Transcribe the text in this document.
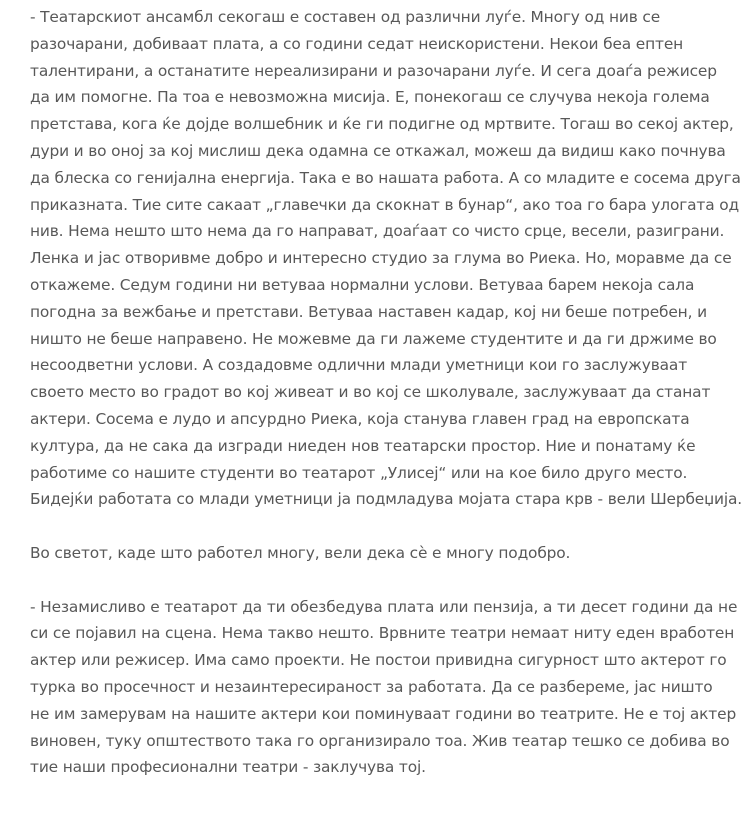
- Театарскиот ансамбл секогаш е составен од различни луѓе. Многу од нив се
разочарани, добиваат плата, а со години седат неискористени. Некои беа ептен
талентирани, а останатите нереализирани и разочарани луѓе. И сега доаѓа режисер
да им помогне. Па тоа е невозможна мисија. Е, понекогаш се случува некоја голема
претстава, кога ќе дојде волшебник и ќе ги подигне од мртвите. Тогаш во секој актер,
дури и во оној за кој мислиш дека одамна се откажал, можеш да видиш како почнува
да блеска со генијална енергија. Така е во нашата работа. А со младите е сосема друга
приказната. Тие сите сакаат „главечки да скокнат в бунар“, ако тоа го бара улогата од
нив. Нема нешто што нема да го направат, доаѓаат со чисто срце, весели, разиграни.
Ленка и јас отворивме добро и интересно студио за глума во Риека. Но, моравме да се
откажеме. Седум години ни ветуваа нормални услови. Ветуваа барем некоја сала
погодна за вежбање и претстави. Ветуваа наставен кадар, кој ни беше потребен, и
ништо не беше направено. Не можевме да ги лажеме студентите и да ги држиме во
несоодветни услови. А создадовме одлични млади уметници кои го заслужуваат
своето место во градот во кој живеат и во кој се школувале, заслужуваат да станат
актери. Сосема е лудо и апсурдно Риека, која станува главен град на европската
култура, да не сака да изгради ниеден нов театарски простор. Ние и понатаму ќе
работиме со нашите студенти во театарот „Улисеј“ или на кое било друго место.
Бидејќи работата со млади уметници ја подмладува мојата стара крв - вели Шербеџија.

Во светот, каде што работел многу, вели дека сѐ е многу подобро.

- Незамисливо е театарот да ти обезбедува плата или пензија, а ти десет години да не
си се појавил на сцена. Нема такво нешто. Врвните театри немаат ниту еден вработен
актер или режисер. Има само проекти. Не постои привидна сигурност што актерот го
турка во просечност и незаинтересираност за работата. Да се разбереме, јас ништо
не им замерувам на нашите актери кои поминуваат години во театрите. Не е тој актер
виновен, туку општеството така го организирало тоа. Жив театар тешко се добива во
тие наши професионални театри - заклучува тој.
